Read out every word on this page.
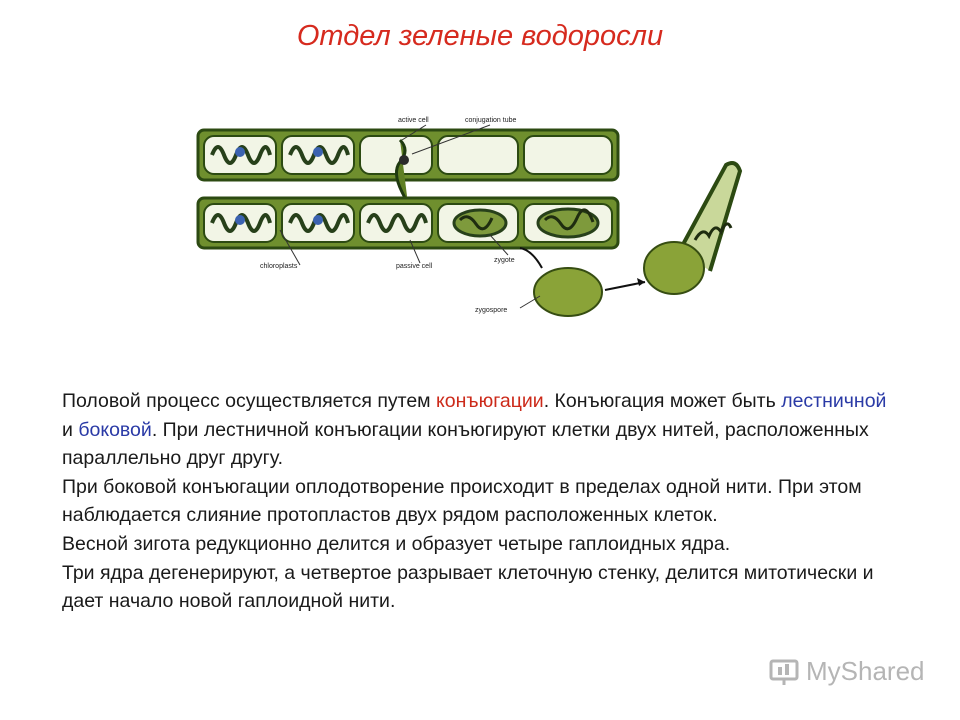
Отдел зеленые водоросли
active cell	conjugation tube
chloroplasts	passive cell
zygote
zygospore

Половой процесс осуществляется путем конъюгации. Конъюгация может быть лестничной и боковой. При лестничной конъюгации конъюгируют клетки двух нитей, расположенных параллельно друг другу.

При боковой конъюгации оплодотворение происходит в пределах одной нити. При этом наблюдается слияние протопластов двух рядом расположенных клеток.

Весной зигота редукционно делится и образует четыре гаплоидных ядра.

Три ядра дегенерируют, а четвертое разрывает клеточную стенку, делится митотически и дает начало новой гаплоидной нити.

MyShared
